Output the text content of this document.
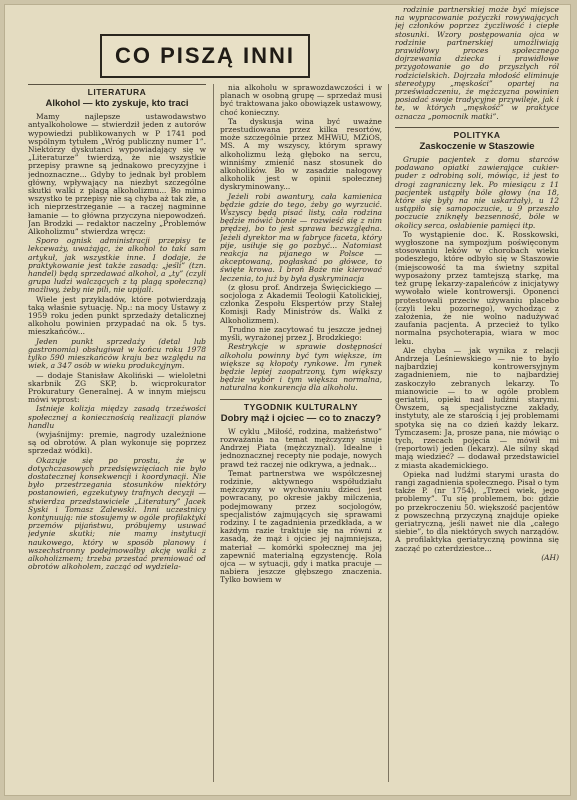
CO PISZĄ INNI
LITERATURA
Alkohol — kto zyskuje, kto traci

Mamy najlepsze ustawodawstwo antyalkoholowe — stwierdził jeden z autorów wypowiedzi publikowanych w P 1741 pod wspólnym tytułem „Wróg publiczny numer 1”. Niektórzy dyskutanci wypowiadający się w „Literaturze” twierdzą, że nie wszystkie przepisy prawne są jednakowo precyzyjne i jednoznaczne... Gdyby to jednak był problem główny, wpływający na niezbyt szczególne skutki walki z plagą alkoholizmu... Bo mimo wszystko te przepisy nie są chyba aż tak złe, a ich nieprzestrzeganie — a raczej nagminne łamanie — to główna przyczyna niepowodzeń. Jan Brodzki — redaktor naczelny „Problemów Alkoholizmu” stwierdza wręcz:

Sporo ognisk administracji przepisy te lekceważy, uważając, że alkohol to taki sam artykuł, jak wszystkie inne. I dodaje, że praktykowanie jest także zasadą: „jeśli” (tzn. handel) będą sprzedawać alkohol, a „ty” (czyli grupa ludzi walczących z tą plagą społeczną) możliwy, żeby nie pili, nie upijali.

Wiele jest przykładów, które potwierdzają taką właśnie sytuację. Np.: na mocy Ustawy z 1959 roku jeden punkt sprzedaży detalicznej alkoholu powinien przypadać na ok. 5 tys. mieszkańców...

Jeden punkt sprzedaży (detal lub gastronomia) obsługiwał w końcu roku 1978 tylko 590 mieszkańców kraju bez względu na wiek, a 347 osób w wieku produkcyjnym.

— dodaje Stanisław Akoliński — wieloletni skarbnik ZG SKP, b. wicprokurator Prokuratury Generalnej. A w innym miejscu mówi wprost:

Istnieje kolizja między zasadą trzeźwości społecznej a koniecznością realizacji planów handlu

(wyjaśnijmy: premie, nagrody uzależnione są od obrotów. A plan wykonuje się poprzez sprzedaż wódki).

Okazuje się po prostu, że w dotychczasowych przedsięwzięciach nie było dostatecznej konsekwencji i koordynacji. Nie było przestrzegania stosunków niektóry postanowień, egzekutywy trafnych decyzji — stwierdza przedstawiciele „Literatury” Jacek Syski i Tomasz Zalewski. Inni uczestnicy kontynuują: nie stosujemy w ogóle profilaktyki przemów pijaństwu, próbujemy usuwać jedynie skutki; nie mamy instytucji naukowego, który w sposób planowy i wszechstronny podejmowałby akcję walki z alkoholizmem; trzeba przestać premiować od obrotów alkoholem, zacząć od wydziela-

nia alkoholu w sprawozdawczości i w planach w osobną grupę — sprzedaż musi być traktowana jako obowiązek ustawowy, choć konieczny.

Ta dyskusja wina być uważne przestudiowana przez kilka resortów, może szczególnie przez MHWiU, MZiOS, MS. A my wszyscy, którym sprawy alkoholizmu leżą głęboko na sercu, winniśmy zmienić nasz stosunek do alkoholików. Bo w zasadzie nałogowy alkoholik jest w opinii społecznej dyskryminowany...

Jeżeli robi awantury, cała kamienica będzie gdzie do tego, żeby go wyrzucić. Wszyscy będą pisać listy, cała rodzina będzie mówić bonie — rozwieść się z nim prędzej, bo to jest sprawa bezwzględna. Jeżeli dyrektor ma w fabryce faceta, który pije, usiłuje się go pozbyć... Natomiast reakcja na pijanego w Polsce — akceptowaną, pogłaskać po główce, to święte krowa. I broń Boże nie kierować leczenia, to już by była dyskryminacja

(z głosu prof. Andrzeja Święcickiego — socjologa z Akademii Teologii Katolickiej, członka Zespołu Ekspertów przy Stałej Komisji Rady Ministrów ds. Walki z Alkoholizmem).

Trudno nie zacytować tu jeszcze jednej myśli, wyrażonej przez J. Brodzkiego:

Restrykcje w sprawie dostępności alkoholu powinny być tym większe, im większe są kłopoty rynkowe. Im rynek będzie lepiej zaopatrzony, tym większy będzie wybór i tym większa normalna, naturalna konkurencja dla alkoholu.

TYGODNIK KULTURALNY
Dobry mąż i ojciec — co to znaczy?

W cyklu „Miłość, rodzina, małżeństwo” rozważania na temat mężczyzny snuje Andrzej Piata (mężczyznal). Idealne i jednoznacznej recepty nie podaje, nowych prawd też raczej nie odkrywa, a jednak...

Temat partnerstwa we współczesnej rodzinie, aktywnego współudziału mężczyzny w wychowaniu dzieci jest powracany, po okresie jakby milczenia, podejmowany przez socjologów, specjalistów zajmujących się sprawami rodziny. I te zagadnienia przedkłada, a w każdym razie traktuje się na równi z zasadą, że mąż i ojciec jej najmniejsza, materiał — komórki społecznej ma jej zapewnić materialną egzystencję. Rola ojca — w sytuacji, gdy i matka pracuje — nabiera jeszcze głębszego znaczenia. Tylko bowiem w

rodzinie partnerskiej może być miejsce na wypracowanie pożyczki rowywających jej członków poprzez życzliwość i ciepłe stosunki. Wzory postępowania ojca w rodzinie partnerskiej umożliwiają prawidłowy proces społecznego dojrzewania dziecka i prawidłowe przygotowanie go do przyszłych ról rodzicielskich. Dojrzała młodość eliminuje stereotypy „męskości” opartej na przeświadczeniu, że mężczyzna powinien posiadać swoje tradycyjne przywileje, jak i te, w których „męskość” w praktyce oznacza „pomocnik matki”.

POLITYKA
Zaskoczenie w Staszowie

Grupie pacjentek z domu starców podawano opiatki zawierające cukier-puder z odrobiną soli, mówiąc, iż jest to drogi zagraniczny lek. Po miesiącu z 11 pacjentek ustąpiły bóle głowy (na 18, które się były na nie uskarżały), u 12 ustąpiło się samopoczucie, u 9 przeszło poczucie zniknęły bezsenność, bóle w okolicy serca, osłabienie pamięci itp.

To wystąpienie doc. K. Rosskowski, wygłoszone na sympozjum poświęconym stosowaniu leków w chorobach wieku podeszłego, które odbyło się w Staszowie (miejscowość ta ma świetny szpital wyposażony przez tamtejszą starkę, ma też grupę lekarzy-zapaleńców z inicjatywy wywołało wiele kontrowersji. Oponenci protestowali przeciw używaniu placebo (czyli leku pozornego), wychodząc z założenia, że nie wolno nadużywać zaufania pacjenta. A przecież to tylko normalna psychoterapia, wiara w moc leku.

Ale chyba — jak wynika z relacji Andrzeja Leśniewskiego — nie to było najbardziej kontrowersyjnym zagadnieniem, nie to najbardziej zaskoczyło zebranych lekarzy. To mianowicie — to w ogóle problem geriatrii, opieki nad ludźmi starymi. Owszem, są specjalistyczne zakłady, instytuty, ale ze starością i jej problemami spotyka się na co dzień każdy lekarz. Tymczasem: Ja, prosze pana, nie mówiąc o tych, rzecach pojęcia — mówił mi (reportowi) jeden (lekarz). Ale silny skąd mają wiedzieć? — dodawał przedstawiciel z miasta akademickiego.

Opieka nad ludźmi starymi urasta do rangi zagadnienia społecznego. Pisał o tym także P. (nr 1754), „Trzeci wiek, jego problemy”. Tu się problemem, bo: gdzie po przekroczeniu 50. większość pacjentów z powszechną przyczyną znajduje opieke geriatryczną, jeśli nawet nie dla „całego siebie”, to dla niektórych swych narządów. A profilaktyka geriatryczną powinna się zacząć po czterdziestce...

(AH)
